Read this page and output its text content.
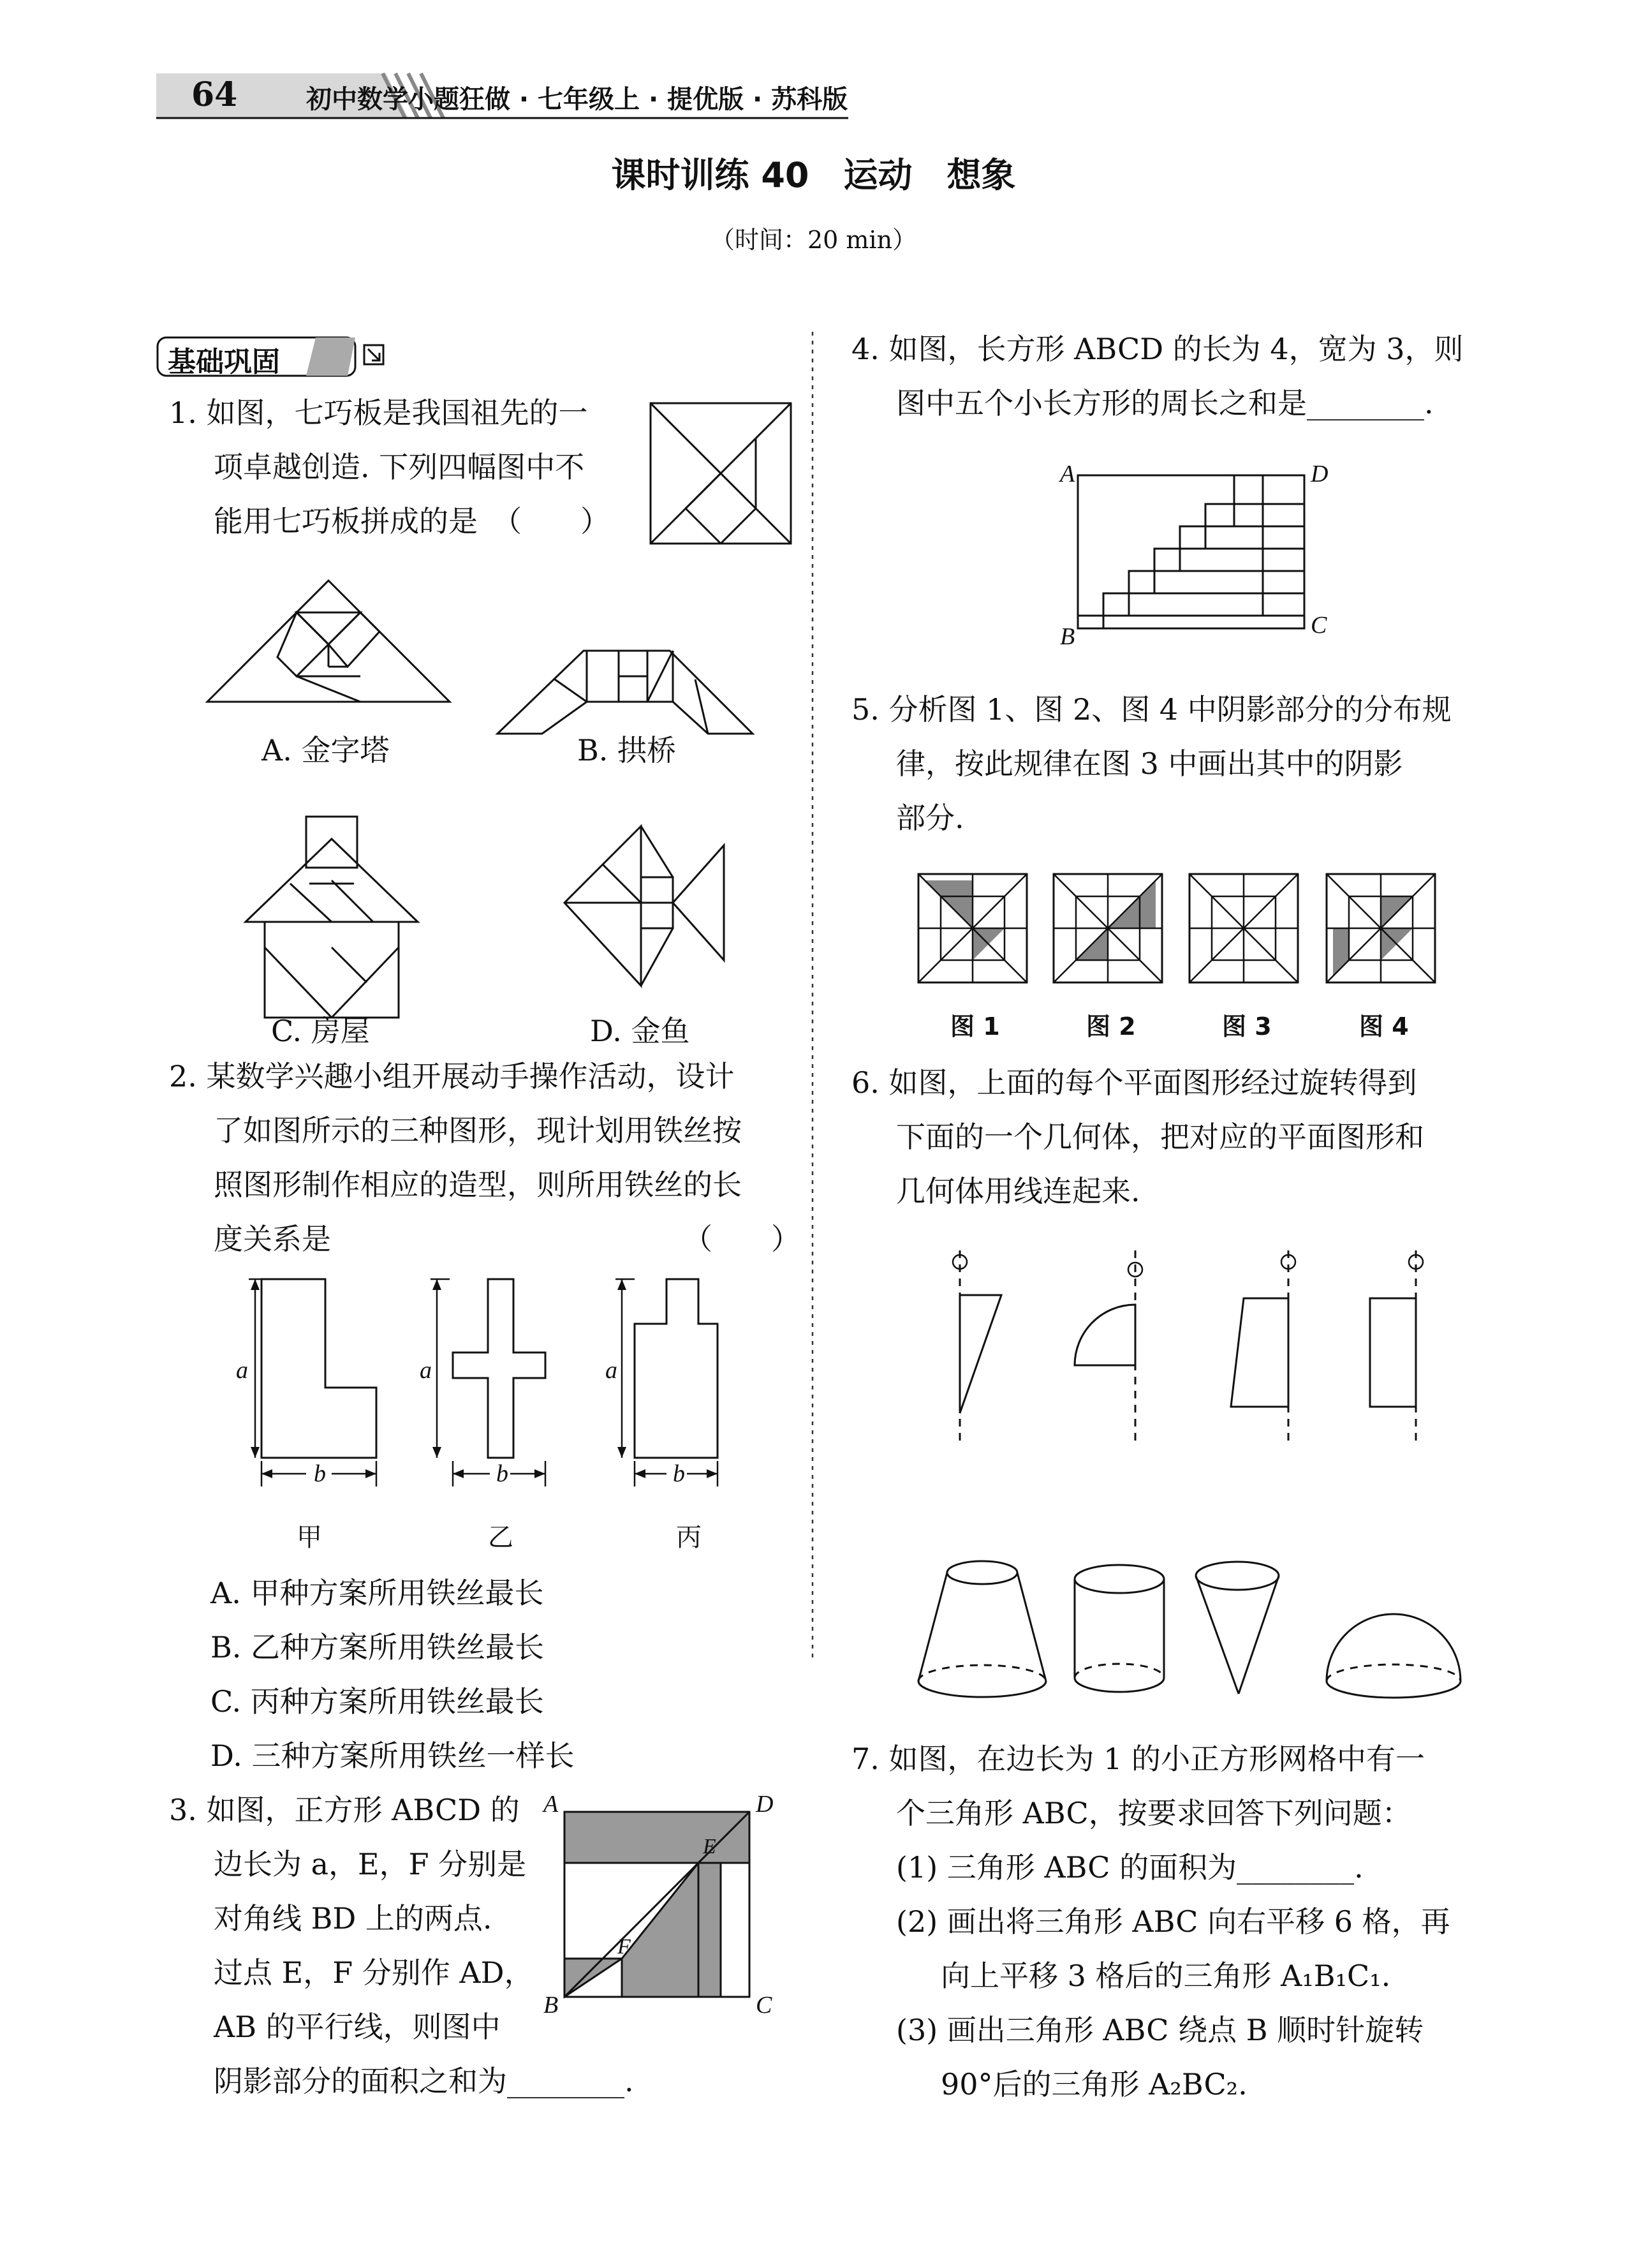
64	初中数学小题狂做 · 七年级上 · 提优版 · 苏科版
课时训练 40　运动　想象
（时间：20 min）
基础巩固
1. 如图，七巧板是我国祖先的一
项卓越创造. 下列四幅图中不
能用七巧板拼成的是　（　　）
A. 金字塔	B. 拱桥
C. 房屋	D. 金鱼
2. 某数学兴趣小组开展动手操作活动，设计
了如图所示的三种图形，现计划用铁丝按
照图形制作相应的造型，则所用铁丝的长
度关系是	（　　）
a
b
a
b
a
b
甲	乙	丙
A. 甲种方案所用铁丝最长
B. 乙种方案所用铁丝最长
C. 丙种方案所用铁丝最长
D. 三种方案所用铁丝一样长
3. 如图，正方形 ABCD 的
边长为 a，E，F 分别是
对角线 BD 上的两点.
过点 E，F 分别作 AD，
AB 的平行线，则图中
阴影部分的面积之和为________.
A	D
E
F
B	C
4. 如图，长方形 ABCD 的长为 4，宽为 3，则
图中五个小长方形的周长之和是________.
A	D
B	C
5. 分析图 1、图 2、图 4 中阴影部分的分布规
律，按此规律在图 3 中画出其中的阴影
部分.
图 1	图 2	图 3	图 4
6. 如图，上面的每个平面图形经过旋转得到
下面的一个几何体，把对应的平面图形和
几何体用线连起来.
7. 如图，在边长为 1 的小正方形网格中有一
个三角形 ABC，按要求回答下列问题：
(1) 三角形 ABC 的面积为________.
(2) 画出将三角形 ABC 向右平移 6 格，再
向上平移 3 格后的三角形 A₁B₁C₁.
(3) 画出三角形 ABC 绕点 B 顺时针旋转
90°后的三角形 A₂BC₂.
